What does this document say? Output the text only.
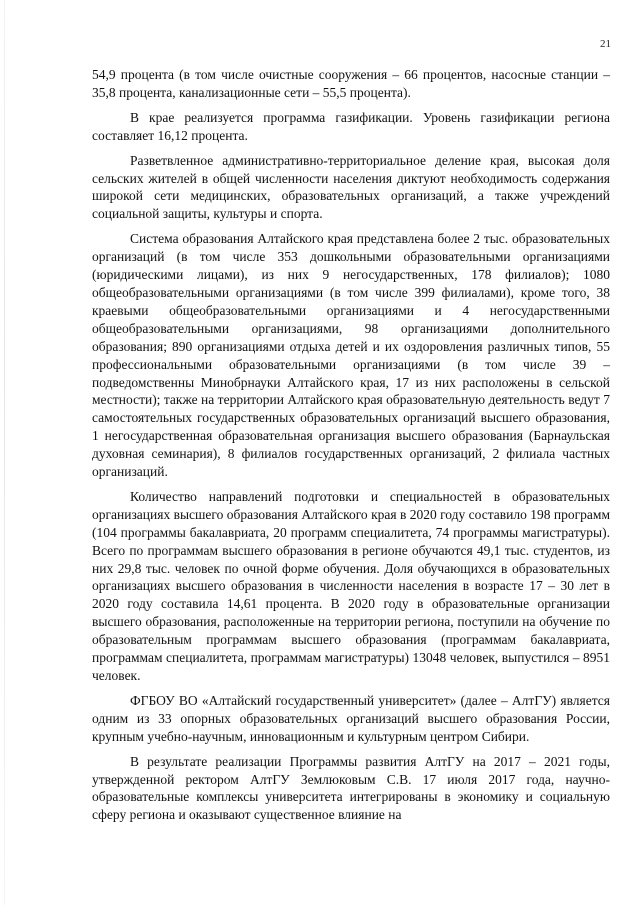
21

54,9 процента (в том числе очистные сооружения – 66 процентов, насосные станции – 35,8 процента, канализационные сети – 55,5 процента).

В крае реализуется программа газификации. Уровень газификации региона составляет 16,12 процента.

Разветвленное административно-территориальное деление края, высокая доля сельских жителей в общей численности населения диктуют необходимость содержания широкой сети медицинских, образовательных организаций, а также учреждений социальной защиты, культуры и спорта.

Система образования Алтайского края представлена более 2 тыс. образовательных организаций (в том числе 353 дошкольными образовательными организациями (юридическими лицами), из них 9 негосударственных, 178 филиалов); 1080 общеобразовательными организациями (в том числе 399 филиалами), кроме того, 38 краевыми общеобразовательными организациями и 4 негосударственными общеобразовательными организациями, 98 организациями дополнительного образования; 890 организациями отдыха детей и их оздоровления различных типов, 55 профессиональными образовательными организациями (в том числе 39 – подведомственны Минобрнауки Алтайского края, 17 из них расположены в сельской местности); также на территории Алтайского края образовательную деятельность ведут 7 самостоятельных государственных образовательных организаций высшего образования, 1 негосударственная образовательная организация высшего образования (Барнаульская духовная семинария), 8 филиалов государственных организаций, 2 филиала частных организаций.

Количество направлений подготовки и специальностей в образовательных организациях высшего образования Алтайского края в 2020 году составило 198 программ (104 программы бакалавриата, 20 программ специалитета, 74 программы магистратуры). Всего по программам высшего образования в регионе обучаются 49,1 тыс. студентов, из них 29,8 тыс. человек по очной форме обучения. Доля обучающихся в образовательных организациях высшего образования в численности населения в возрасте 17 – 30 лет в 2020 году составила 14,61 процента. В 2020 году в образовательные организации высшего образования, расположенные на территории региона, поступили на обучение по образовательным программам высшего образования (программам бакалавриата, программам специалитета, программам магистратуры) 13048 человек, выпустился – 8951 человек.

ФГБОУ ВО «Алтайский государственный университет» (далее – АлтГУ) является одним из 33 опорных образовательных организаций высшего образования России, крупным учебно-научным, инновационным и культурным центром Сибири.

В результате реализации Программы развития АлтГУ на 2017 – 2021 годы, утвержденной ректором АлтГУ Землюковым С.В. 17 июля 2017 года, научно-образовательные комплексы университета интегрированы в экономику и социальную сферу региона и оказывают существенное влияние на
